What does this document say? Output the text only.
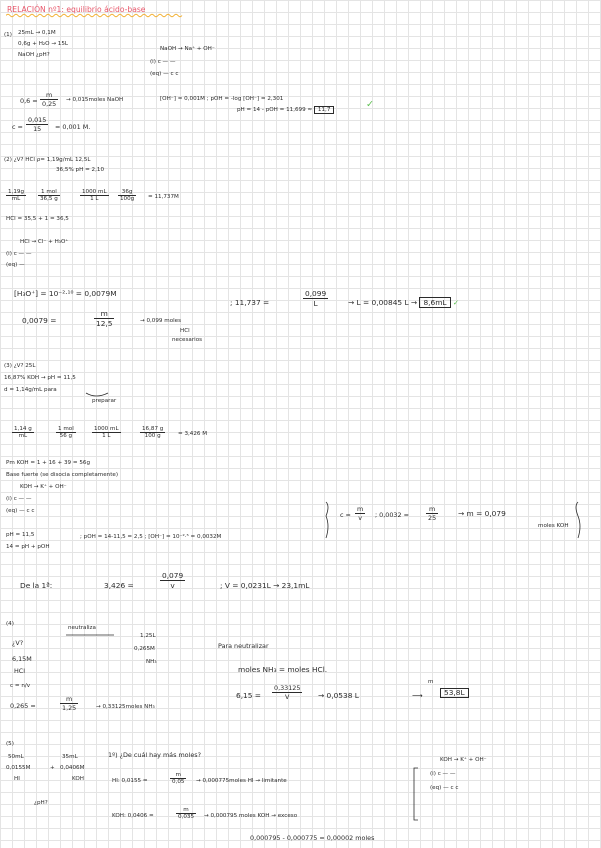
RELACIÓN nº1: equilibrio ácido-base
(1) 25mL → 0,1M
0,6g + H₂O → 15L
NaOH ¿pH?
NaOH → Na⁺ + OH⁻
(i) c — —
(eq) — c c
$0,6 = \frac{m}{0,25}$ → 0,015moles NaOH	[OH⁻] = 0,001M ; pOH = -log [OH⁻] = 2,301
pH = 14 - pOH = 11,699 ≈ 11,7	✓
$c = \frac{0,015}{15} = 0,001$ M.
(2) ¿V? HCl ρ= 1,19g/mL 12,5L
36,5% pH = 2,10
$\frac{1,19g}{mL}$	1 mol
36,5 g	$\frac{1000 mL}{1 L} \frac{36g}{100g} = 11,737M$
HCl = 35,5 + 1 = 36,5
HCl → Cl⁻ + H₃O⁺
(i) c — —
(eq) —
[H₃O⁺] = 10⁻²·¹⁰ = 0,0079M
0,0079 =	$\frac{m}{12,5}$	→ 0,099 moles
HCl
necesarios
; 11,737 =	$\frac{0,099}{L}$	→ L = 0,00845 L → 8,6mL ✓
(3) ¿V? 25L
16,87% KOH → pH = 11,5
d = 1,14g/mL para
preparar
$\frac{1,14 g}{mL}$	1 mol
56 g	$\frac{1000 mL}{1 L}$	$\frac{16,87 g}{100 g} = 3,426$ M
Pm KOH = 1 + 16 + 39 = 56g
Base fuerte (se disocia completamente)
KOH → K⁺ + OH⁻
(i) c — —
(eq) — c c
pH = 11,5
14 = pH + pOH
; pOH = 14-11,5 = 2,5 ; [OH⁻] = 10⁻²·⁵ = 0,0032M
$c = \frac{m}{v}$ ; 0,0032 =	$\frac{m}{25}$	→ m = 0,079
moles KOH
De la 1ª:	3,426 =	$\frac{0,079}{v}$	; V = 0,0231L → 23,1mL
(4)
neutraliza
¿V?
6,15M
HCl
1,25L
0,265M
NH₃
c = n/v
0,265 =	$\frac{m}{1,25}$	→ 0,33125moles NH₃
Para neutralizar
moles NH₃ = moles HCl.
$6,15 = \frac{0,33125}{V} \to 0,0538$ L
m
⟶	53,8L
(5)
50mL
0,0155M
HI
+
35mL
0,0406M
KOH
¿pH?
1º) ¿De cuál hay más moles?
HI: 0,0155 =	$\frac{m}{0,05}$ → 0,000775moles HI → limitante
KOH: 0,0406 =	$\frac{m}{0,035} \to 0,000795$ moles KOH → exceso
0,000795 - 0,000775 = 0,00002 moles
KOH → K⁺ + OH⁻
(i) c — —
(eq) — c c
